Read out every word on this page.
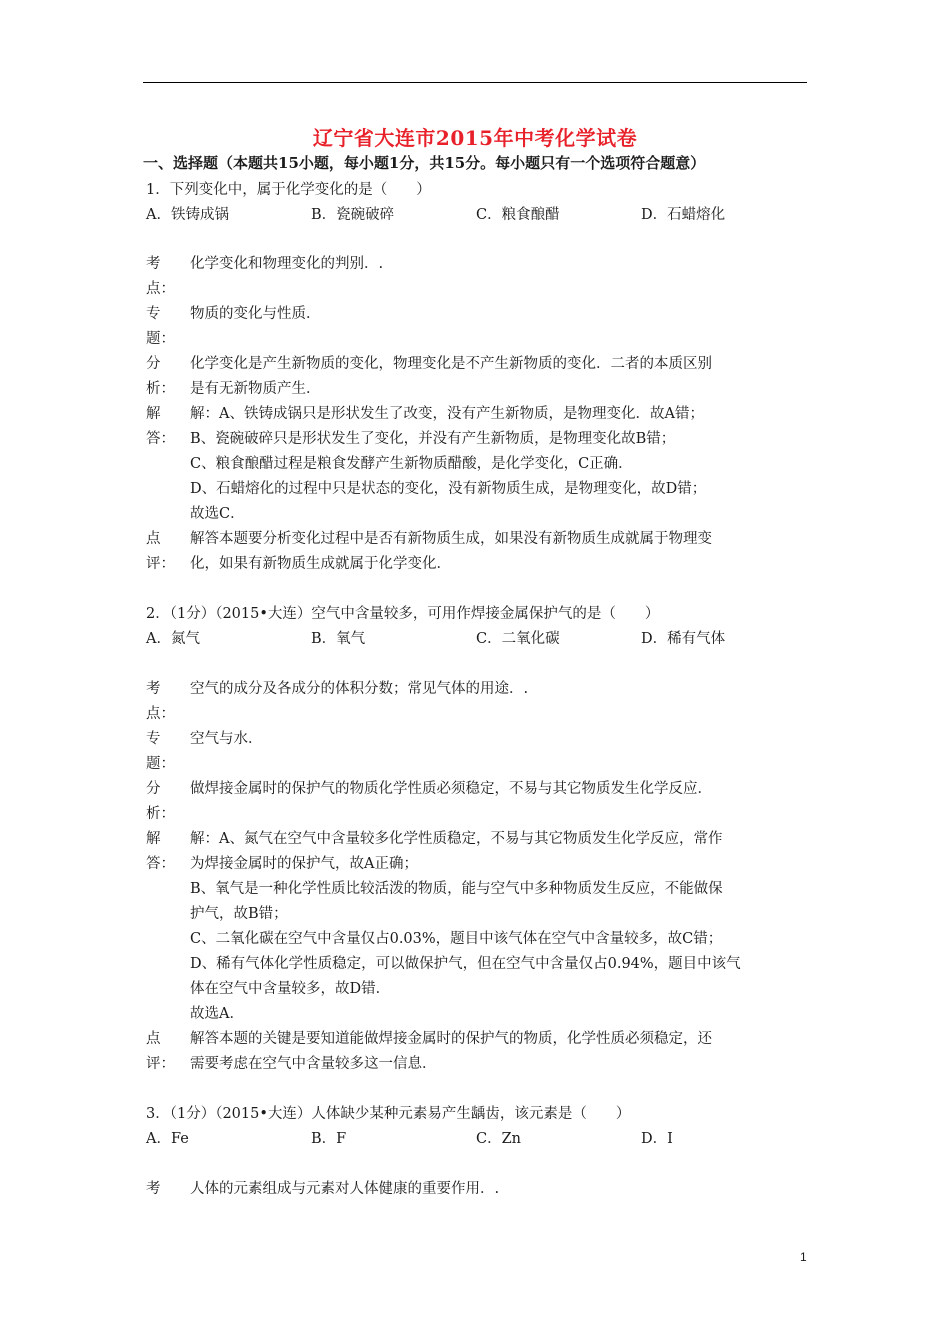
辽宁省大连市2015年中考化学试卷
一、选择题（本题共15小题，每小题1分，共15分。每小题只有一个选项符合题意）
1．下列变化中，属于化学变化的是（　　）
A．铁铸成锅	B．瓷碗破碎	C．粮食酿醋	D．石蜡熔化
考
点：
化学变化和物理变化的判别．.
专
题：
物质的变化与性质．
分
析：
化学变化是产生新物质的变化，物理变化是不产生新物质的变化．二者的本质区别
是有无新物质产生．
解
答：
解：A、铁铸成锅只是形状发生了改变，没有产生新物质，是物理变化．故A错；
B、瓷碗破碎只是形状发生了变化，并没有产生新物质，是物理变化故B错；
C、粮食酿醋过程是粮食发酵产生新物质醋酸，是化学变化，C正确．
D、石蜡熔化的过程中只是状态的变化，没有新物质生成，是物理变化，故D错；
故选C．
点
评：
解答本题要分析变化过程中是否有新物质生成，如果没有新物质生成就属于物理变
化，如果有新物质生成就属于化学变化．
2．（1分）（2015•大连）空气中含量较多，可用作焊接金属保护气的是（　　）
A．氮气	B．氧气	C．二氧化碳	D．稀有气体
考
点：
空气的成分及各成分的体积分数；常见气体的用途．.
专
题：
空气与水．
分
析：
做焊接金属时的保护气的物质化学性质必须稳定，不易与其它物质发生化学反应．
解
答：
解：A、氮气在空气中含量较多化学性质稳定，不易与其它物质发生化学反应，常作
为焊接金属时的保护气，故A正确；
B、氧气是一种化学性质比较活泼的物质，能与空气中多种物质发生反应，不能做保
护气，故B错；
C、二氧化碳在空气中含量仅占0.03%，题目中该气体在空气中含量较多，故C错；
D、稀有气体化学性质稳定，可以做保护气，但在空气中含量仅占0.94%，题目中该气
体在空气中含量较多，故D错．
故选A．
点
评：
解答本题的关键是要知道能做焊接金属时的保护气的物质，化学性质必须稳定，还
需要考虑在空气中含量较多这一信息．
3．（1分）（2015•大连）人体缺少某种元素易产生龋齿，该元素是（　　）
A．Fe	B．F	C．Zn	D．I
考 人体的元素组成与元素对人体健康的重要作用．.
1
